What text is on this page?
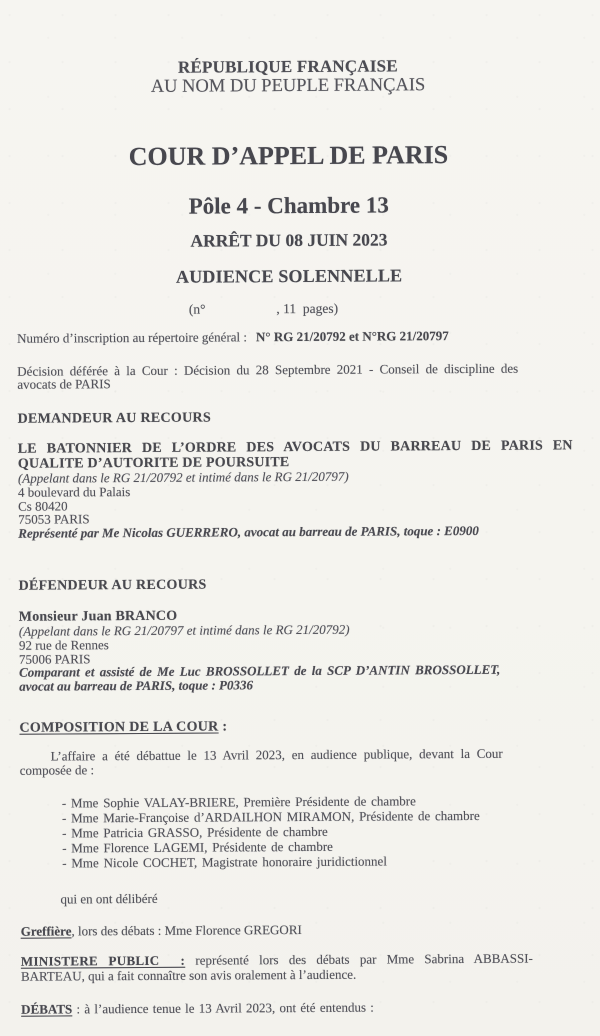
RÉPUBLIQUE FRANÇAISE
AU NOM DU PEUPLE FRANÇAIS
COUR D’APPEL DE PARIS
Pôle 4 - Chambre 13
ARRÊT DU 08 JUIN 2023
AUDIENCE SOLENNELLE
(n°                     , 11  pages)
Numéro d’inscription au répertoire général : N° RG 21/20792 et N°RG 21/20797
Décision déférée à la Cour : Décision du 28 Septembre 2021 - Conseil de discipline des
avocats de PARIS
DEMANDEUR AU RECOURS
LE BATONNIER DE L’ORDRE DES AVOCATS DU BARREAU DE PARIS EN
QUALITE D’AUTORITE DE POURSUITE
(Appelant dans le RG 21/20792 et intimé dans le RG 21/20797)
4 boulevard du Palais
Cs 80420
75053 PARIS
Représenté par Me Nicolas GUERRERO, avocat au barreau de PARIS, toque : E0900
DÉFENDEUR AU RECOURS
Monsieur Juan BRANCO
(Appelant dans le RG 21/20797 et intimé dans le RG 21/20792)
92 rue de Rennes
75006 PARIS
Comparant et assisté de Me Luc BROSSOLLET de la SCP D’ANTIN BROSSOLLET,
avocat au barreau de PARIS, toque : P0336
COMPOSITION DE LA COUR :
L’affaire a été débattue le 13 Avril 2023, en audience publique, devant la Cour
composée de :
- Mme Sophie VALAY-BRIERE, Première Présidente de chambre
- Mme Marie-Françoise d’ARDAILHON MIRAMON, Présidente de chambre
- Mme Patricia GRASSO, Présidente de chambre
- Mme Florence LAGEMI, Présidente de chambre
- Mme Nicole COCHET, Magistrate honoraire juridictionnel
qui en ont délibéré
Greffière, lors des débats : Mme Florence GREGORI
MINISTERE PUBLIC  : représenté lors des débats par Mme Sabrina ABBASSI-
BARTEAU, qui a fait connaître son avis oralement à l’audience.
DÉBATS : à l’audience tenue le 13 Avril 2023, ont été entendus :
